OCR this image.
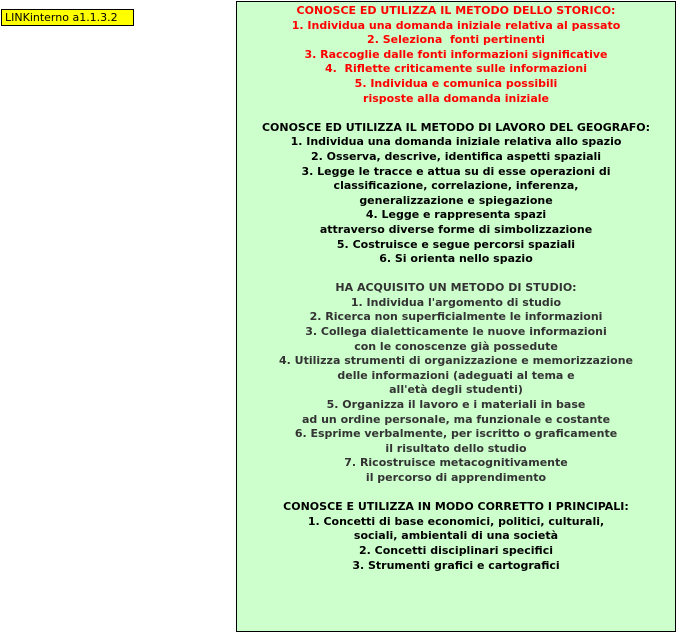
LINKinterno a1.1.3.2
CONOSCE ED UTILIZZA IL METODO DELLO STORICO:
1. Individua una domanda iniziale relativa al passato
2. Seleziona  fonti pertinenti
3. Raccoglie dalle fonti informazioni significative
4.  Riflette criticamente sulle informazioni
5. Individua e comunica possibili
risposte alla domanda iniziale
CONOSCE ED UTILIZZA IL METODO DI LAVORO DEL GEOGRAFO:
1. Individua una domanda iniziale relativa allo spazio
2. Osserva, descrive, identifica aspetti spaziali
3. Legge le tracce e attua su di esse operazioni di
classificazione, correlazione, inferenza,
generalizzazione e spiegazione
4. Legge e rappresenta spazi
attraverso diverse forme di simbolizzazione
5. Costruisce e segue percorsi spaziali
6. Si orienta nello spazio
HA ACQUISITO UN METODO DI STUDIO:
1. Individua l'argomento di studio
2. Ricerca non superficialmente le informazioni
3. Collega dialetticamente le nuove informazioni
con le conoscenze già possedute
4. Utilizza strumenti di organizzazione e memorizzazione
delle informazioni (adeguati al tema e
all'età degli studenti)
5. Organizza il lavoro e i materiali in base
ad un ordine personale, ma funzionale e costante
6. Esprime verbalmente, per iscritto o graficamente
il risultato dello studio
7. Ricostruisce metacognitivamente
il percorso di apprendimento
CONOSCE E UTILIZZA IN MODO CORRETTO I PRINCIPALI:
1. Concetti di base economici, politici, culturali,
sociali, ambientali di una società
2. Concetti disciplinari specifici
3. Strumenti grafici e cartografici
